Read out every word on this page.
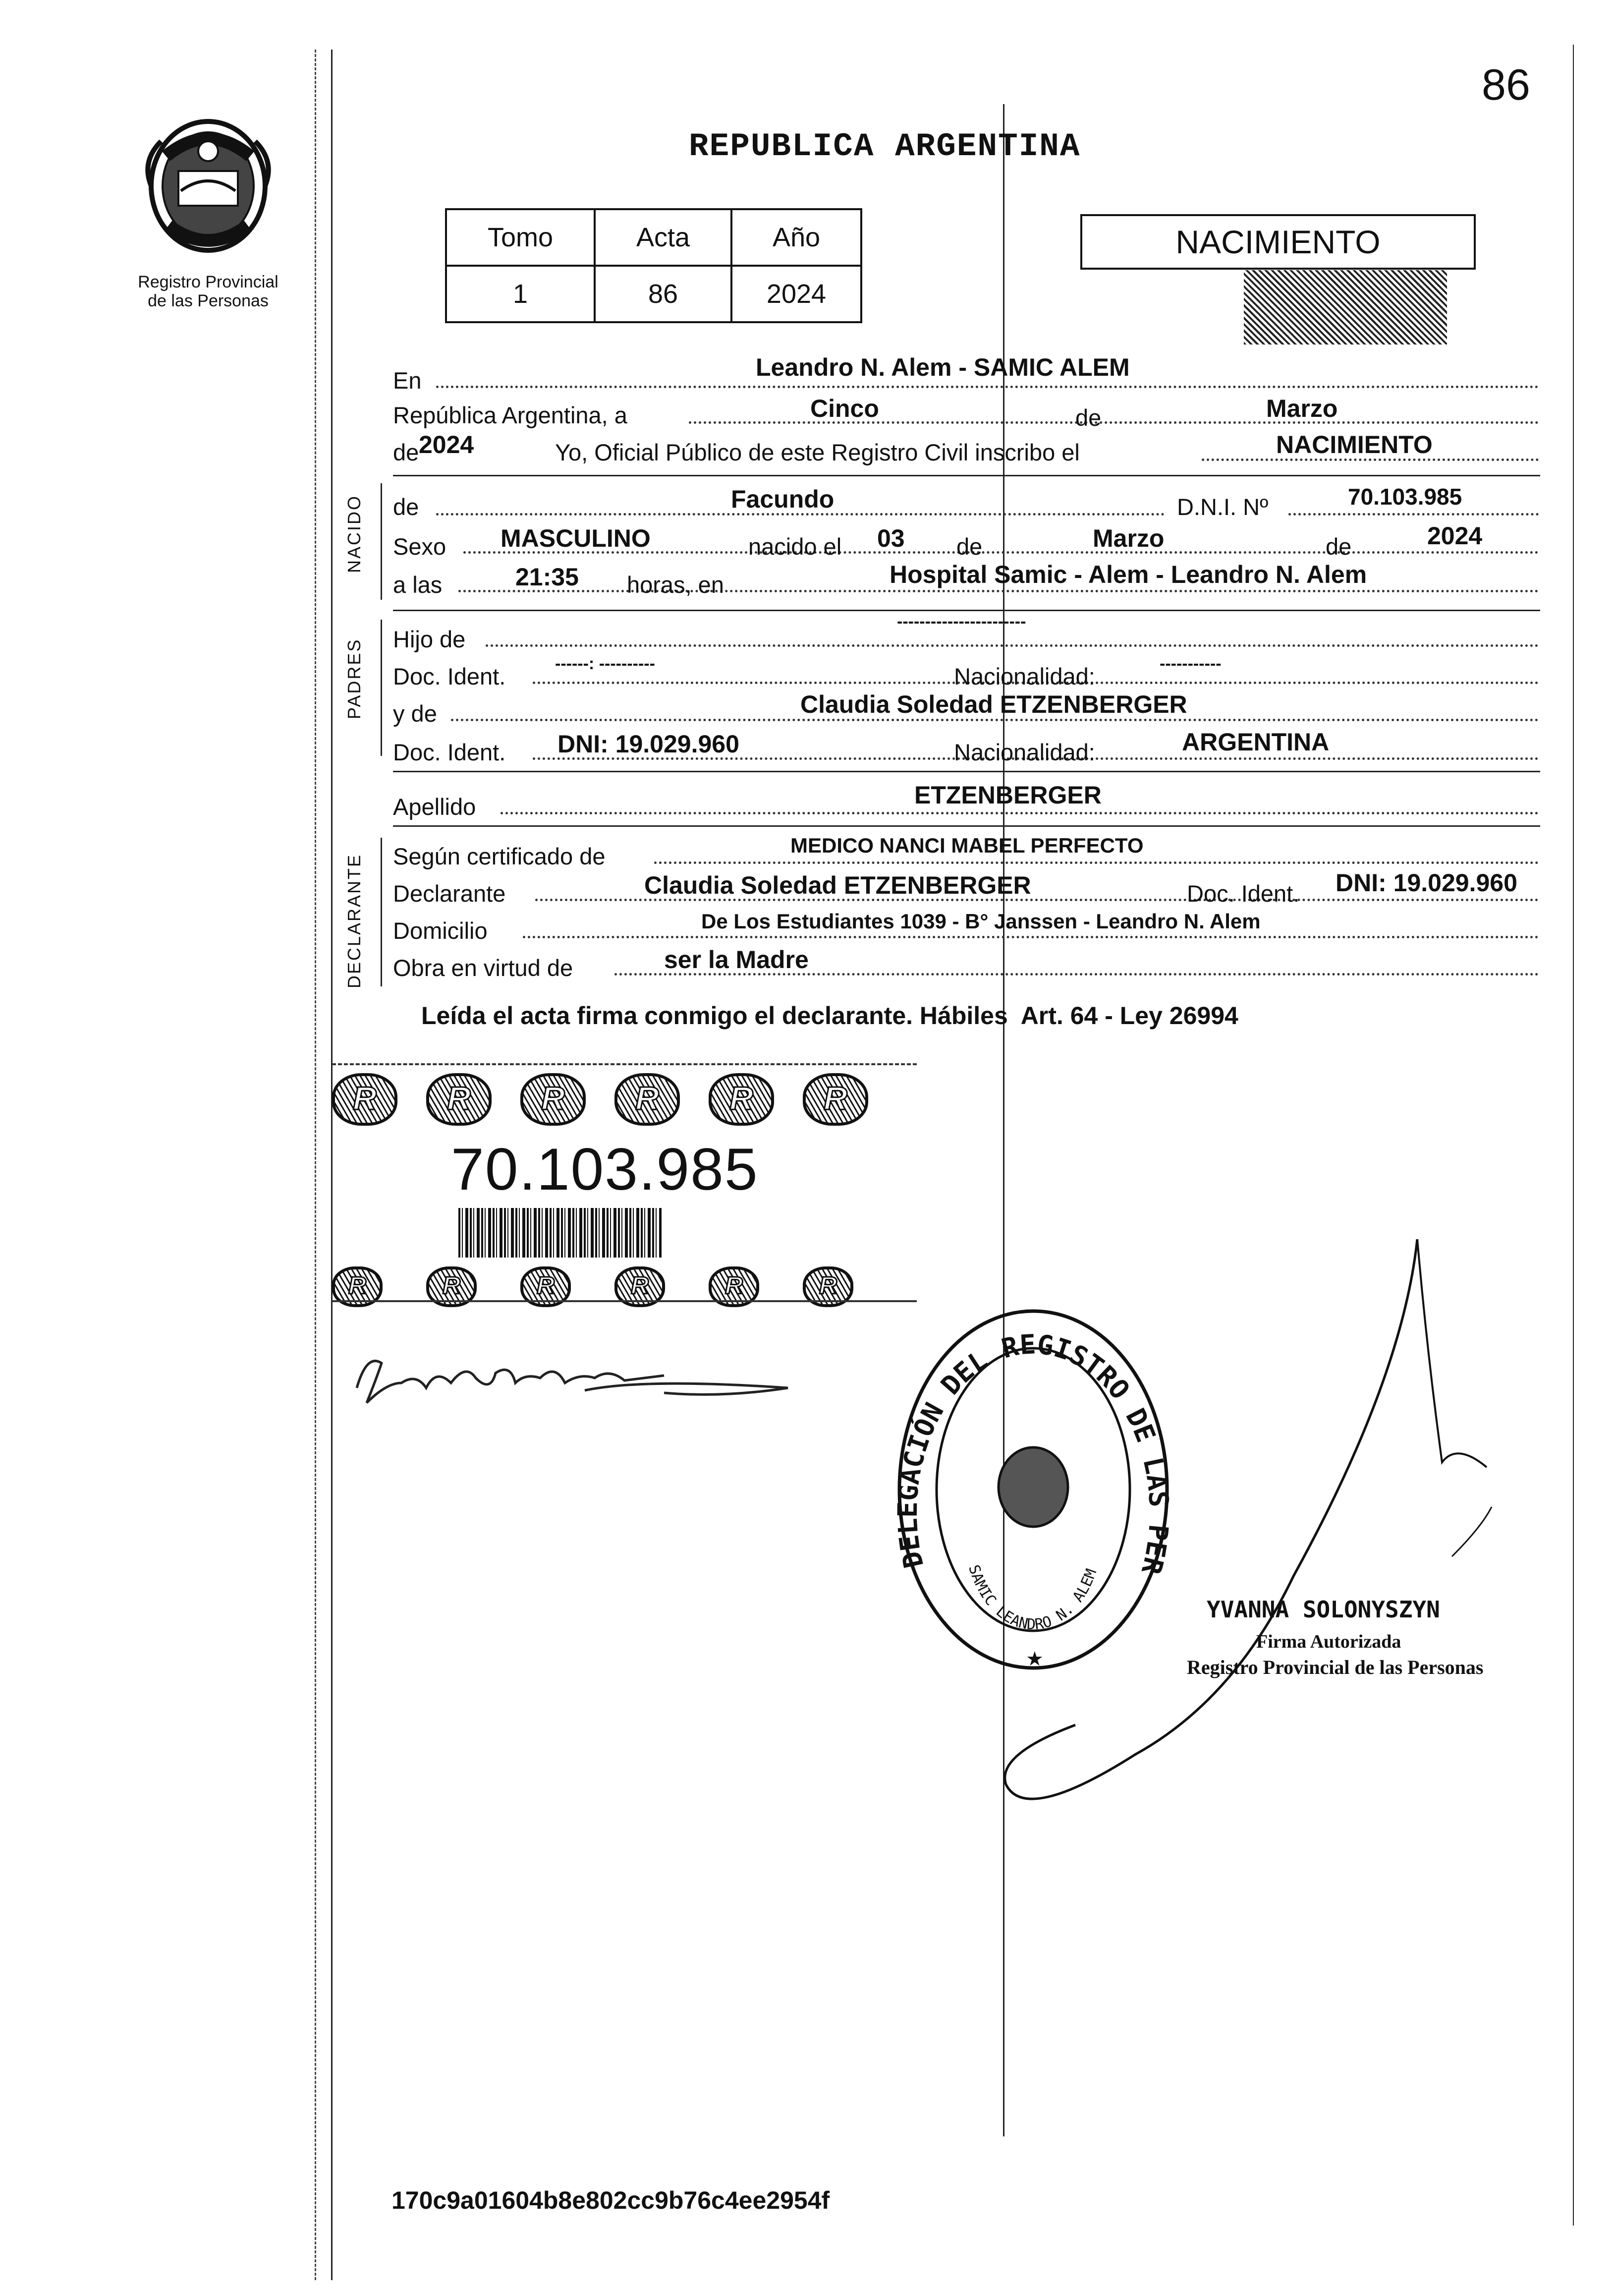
86
Registro Provincial
de las Personas
REPUBLICA ARGENTINA
Tomo	Acta	Año
1	86	2024
NACIMIENTO
En	Leandro N. Alem - SAMIC ALEM
República Argentina, a	Cinco	de	Marzo
de 2024	Yo, Oficial Público de este Registro Civil inscribo el	NACIMIENTO
NACIDO de	Facundo	D.N.I. Nº	70.103.985
Sexo MASCULINO	nacido el 03 de	Marzo	de	2024
a las	21:35 horas, en	Hospital Samic - Alem - Leandro N. Alem
PADRES Hijo de
-----------------------
Doc. Ident.	------: ----------	Nacionalidad:	-----------
y de	Claudia Soledad ETZENBERGER
Doc. Ident. DNI: 19.029.960	Nacionalidad:	ARGENTINA
Apellido	ETZENBERGER
DECLARANTE Según certificado de	MEDICO NANCI MABEL PERFECTO
Declarante	Claudia Soledad ETZENBERGER	Doc. Ident. DNI: 19.029.960
Domicilio	De Los Estudiantes 1039 - B° Janssen - Leandro N. Alem
Obra en virtud de	ser la Madre
Leída el acta firma conmigo el declarante. Hábiles  Art. 64 - Ley 26994
R	R	R	R	R	R
70.103.985
R	R	R	R	R	R
DELEGACIÓN DEL REGISTRO DE LAS PER
SAMIC LEANDRO N. ALEM
★
YVANNA SOLONYSZYN
Firma Autorizada
Registro Provincial de las Personas
170c9a01604b8e802cc9b76c4ee2954f
